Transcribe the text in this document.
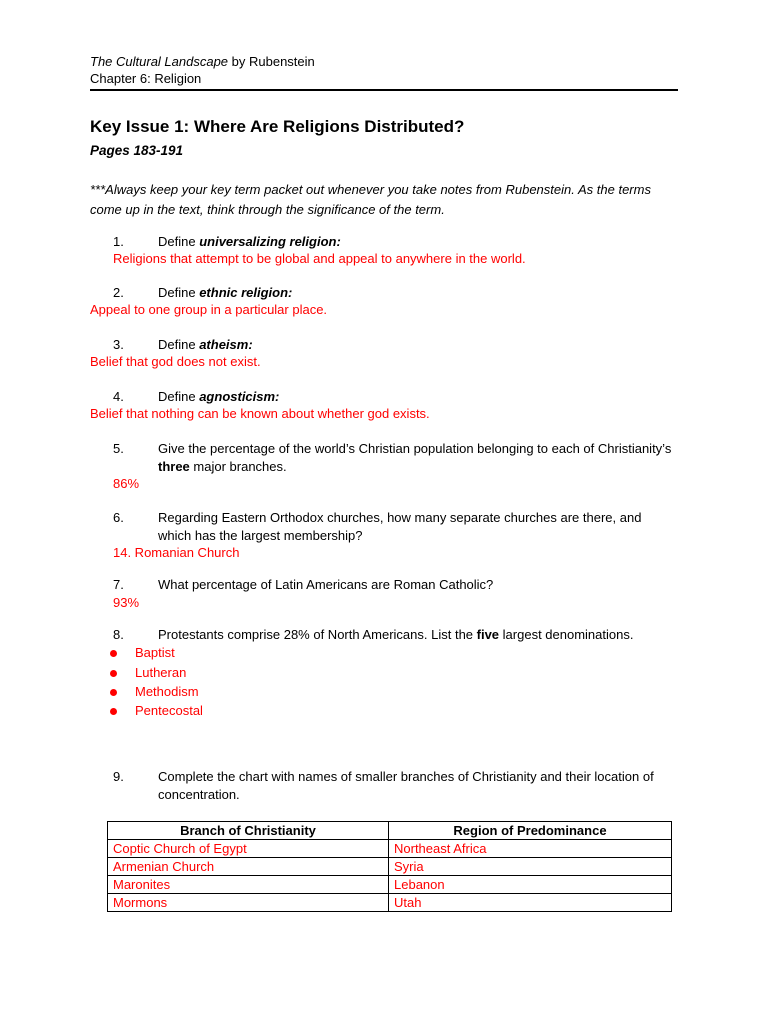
The Cultural Landscape by Rubenstein
Chapter 6: Religion
Key Issue 1: Where Are Religions Distributed?
Pages 183-191
***Always keep your key term packet out whenever you take notes from Rubenstein. As the terms come up in the text, think through the significance of the term.
1.	Define universalizing religion:
Religions that attempt to be global and appeal to anywhere in the world.
2.	Define ethnic religion:
Appeal to one group in a particular place.
3.	Define atheism:
Belief that god does not exist.
4.	Define agnosticism:
Belief that nothing can be known about whether god exists.
5.	Give the percentage of the world’s Christian population belonging to each of Christianity’s three major branches.
86%
6.	Regarding Eastern Orthodox churches, how many separate churches are there, and which has the largest membership?
14. Romanian Church
7.	What percentage of Latin Americans are Roman Catholic?
93%
8.	Protestants comprise 28% of North Americans. List the five largest denominations.
Baptist
Lutheran
Methodism
Pentecostal
9.	Complete the chart with names of smaller branches of Christianity and their location of concentration.
Branch of Christianity	Region of Predominance
Coptic Church of Egypt	Northeast Africa
Armenian Church	Syria
Maronites	Lebanon
Mormons	Utah
